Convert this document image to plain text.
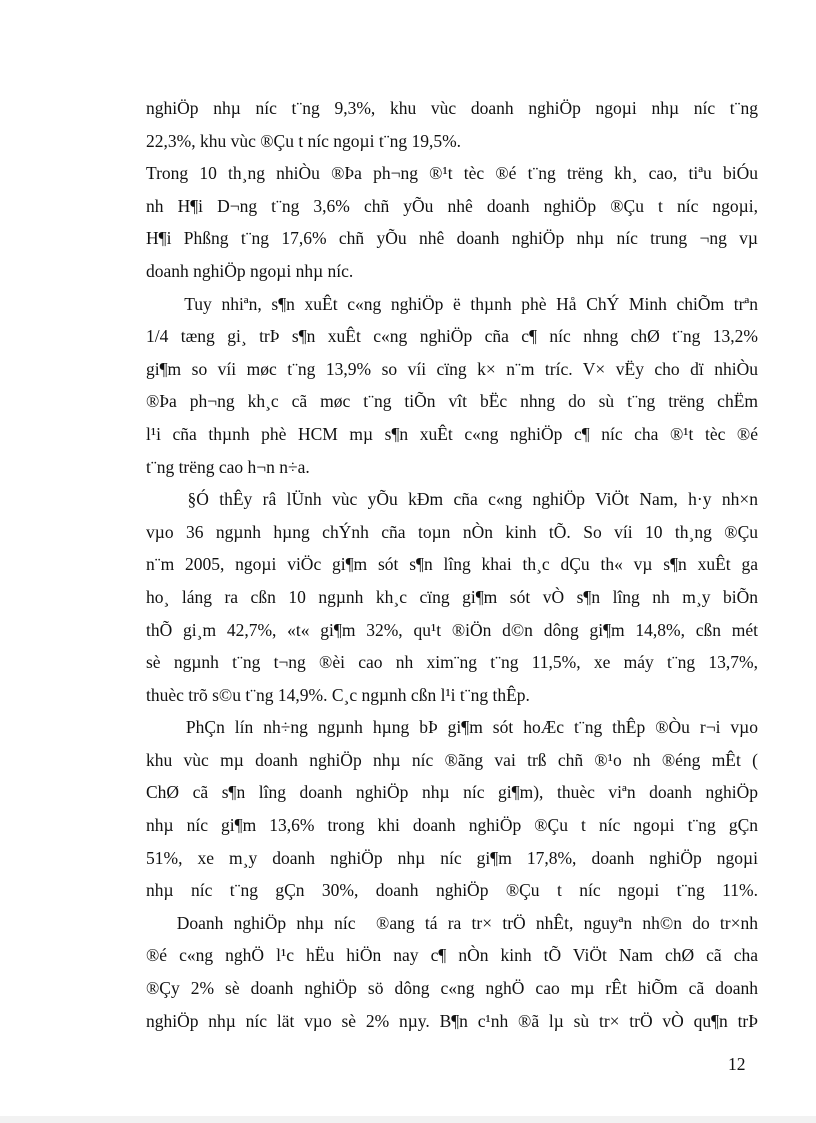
nghiÖp nhµ níc t¨ng 9,3%, khu vùc doanh nghiÖp ngoµi nhµ níc t¨ng
22,3%, khu vùc ®Çu t níc ngoµi t¨ng 19,5%.
Trong 10 th¸ng nhiÒu ®Þa ph¬ng ®¹t tèc ®é t¨ng trëng kh¸ cao, tiªu biÓu
nh H¶i D¬ng t¨ng 3,6% chñ yÕu nhê doanh nghiÖp ®Çu t níc ngoµi,
H¶i Phßng t¨ng 17,6% chñ yÕu nhê doanh nghiÖp nhµ níc trung ¬ng vµ
doanh nghiÖp ngoµi nhµ níc.
Tuy nhiªn, s¶n xuÊt c«ng nghiÖp ë thµnh phè Hå ChÝ Minh chiÕm trªn
1/4 tæng gi¸ trÞ s¶n xuÊt c«ng nghiÖp cña c¶ níc nhng chØ t¨ng 13,2%
gi¶m so víi møc t¨ng 13,9% so víi cïng k× n¨m tríc. V× vËy cho dï nhiÒu
®Þa ph¬ng kh¸c cã møc t¨ng tiÕn vît bËc nhng do sù t¨ng trëng chËm
l¹i cña thµnh phè HCM mµ s¶n xuÊt c«ng nghiÖp c¶ níc cha ®¹t tèc ®é
t¨ng trëng cao h¬n n÷a.
§Ó thÊy râ lÜnh vùc yÕu kÐm cña c«ng nghiÖp ViÖt Nam, h·y nh×n
vµo 36 ngµnh hµng chÝnh cña toµn nÒn kinh tÕ. So víi 10 th¸ng ®Çu
n¨m 2005, ngoµi viÖc gi¶m sót s¶n lîng khai th¸c dÇu th« vµ s¶n xuÊt ga
ho¸ láng ra cßn 10 ngµnh kh¸c cïng gi¶m sót vÒ s¶n lîng nh m¸y biÕn
thÕ gi¸m 42,7%, «t« gi¶m 32%, qu¹t ®iÖn d©n dông gi¶m 14,8%, cßn mét
sè ngµnh t¨ng t¬ng ®èi cao nh xim¨ng t¨ng 11,5%, xe máy t¨ng 13,7%,
thuèc trõ s©u t¨ng 14,9%. C¸c ngµnh cßn l¹i t¨ng thÊp.
PhÇn lín nh÷ng ngµnh hµng bÞ gi¶m sót hoÆc t¨ng thÊp ®Òu r¬i vµo
khu vùc mµ doanh nghiÖp nhµ níc ®ãng vai trß chñ ®¹o nh ®éng mÊt (
ChØ cã s¶n lîng doanh nghiÖp nhµ níc gi¶m), thuèc viªn doanh nghiÖp
nhµ níc gi¶m 13,6% trong khi doanh nghiÖp ®Çu t níc ngoµi t¨ng gÇn
51%, xe m¸y doanh nghiÖp nhµ níc gi¶m 17,8%, doanh nghiÖp ngoµi
nhµ níc t¨ng gÇn 30%, doanh nghiÖp ®Çu t níc ngoµi t¨ng 11%.
Doanh nghiÖp nhµ níc  ®ang tá ra tr× trÖ nhÊt, nguyªn nh©n do tr×nh
®é c«ng nghÖ l¹c hËu hiÖn nay c¶ nÒn kinh tÕ ViÖt Nam chØ cã cha
®Çy 2% sè doanh nghiÖp sö dông c«ng nghÖ cao mµ rÊt hiÕm cã doanh
nghiÖp nhµ níc lät vµo sè 2% nµy. B¶n c¹nh ®ã lµ sù tr× trÖ vÒ qu¶n trÞ
12
